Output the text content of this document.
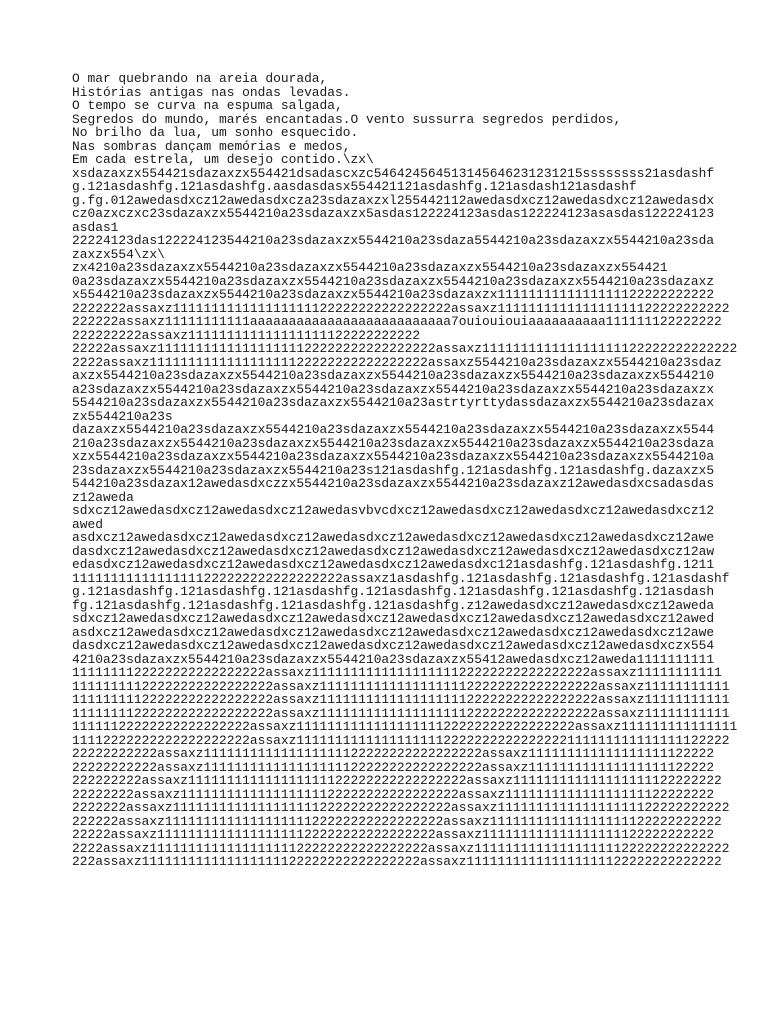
O mar quebrando na areia dourada,
Histórias antigas nas ondas levadas.
O tempo se curva na espuma salgada,
Segredos do mundo, marés encantadas.O vento sussurra segredos perdidos,
No brilho da lua, um sonho esquecido.
Nas sombras dançam memórias e medos,
Em cada estrela, um desejo contido.\zx\
xsdazaxzx554421sdazaxzx554421dsadascxzc546424564513145646231231215ssssssss21asdashf
g.121asdashfg.121asdashfg.aasdasdasx554421121asdashfg.121asdash121asdashf
g.fg.012awedasdxcz12awedasdxcza23sdazaxzxl255442112awedasdxcz12awedasdxcz12awedasdx
cz0azxczxc23sdazaxzx5544210a23sdazaxzx5asdas122224123asdas122224123asasdas122224123
asdas1
22224123das122224123544210a23sdazaxzx5544210a23sdaza5544210a23sdazaxzx5544210a23sda
zaxzx554\zx\
zx4210a23sdazaxzx5544210a23sdazaxzx5544210a23sdazaxzx5544210a23sdazaxzx554421
0a23sdazaxzx5544210a23sdazaxzx5544210a23sdazaxzx5544210a23sdazaxzx5544210a23sdazaxz
x5544210a23sdazaxzx5544210a23sdazaxzx5544210a23sdazaxzx1111111111111111122222222222
2222222assaxz111111111111111111122222222222222222assaxz111111111111111111122222222222
222222assaxz11111111111aaaaaaaaaaaaaaaaaaaaaaaaaa7ouiouiouiaaaaaaaaaa111111122222222
222222222assaxz111111111111111111122222222222
22222assaxz111111111111111111122222222222222222assaxz111111111111111111122222222222222
2222assaxz111111111111111111122222222222222222assaxz5544210a23sdazaxzx5544210a23sdaz
axzx5544210a23sdazaxzx5544210a23sdazaxzx5544210a23sdazaxzx5544210a23sdazaxzx5544210
a23sdazaxzx5544210a23sdazaxzx5544210a23sdazaxzx5544210a23sdazaxzx5544210a23sdazaxzx
5544210a23sdazaxzx5544210a23sdazaxzx5544210a23astrtyrttydassdazaxzx5544210a23sdazax
zx5544210a23s
dazaxzx5544210a23sdazaxzx5544210a23sdazaxzx5544210a23sdazaxzx5544210a23sdazaxzx5544
210a23sdazaxzx5544210a23sdazaxzx5544210a23sdazaxzx5544210a23sdazaxzx5544210a23sdaza
xzx5544210a23sdazaxzx5544210a23sdazaxzx5544210a23sdazaxzx5544210a23sdazaxzx5544210a
23sdazaxzx5544210a23sdazaxzx5544210a23s121asdashfg.121asdashfg.121asdashfg.dazaxzx5
544210a23sdazax12awedasdxczzx5544210a23sdazaxzx5544210a23sdazaxz12awedasdxcsadasdas
z12aweda
sdxcz12awedasdxcz12awedasdxcz12awedasvbvcdxcz12awedasdxcz12awedasdxcz12awedasdxcz12
awed
asdxcz12awedasdxcz12awedasdxcz12awedasdxcz12awedasdxcz12awedasdxcz12awedasdxcz12awe
dasdxcz12awedasdxcz12awedasdxcz12awedasdxcz12awedasdxcz12awedasdxcz12awedasdxcz12aw
edasdxcz12awedasdxcz12awedasdxcz12awedasdxcz12awedasdxc121asdashfg.121asdashfg.1211
11111111111111111222222222222222222assaxz1asdashfg.121asdashfg.121asdashfg.121asdashf
g.121asdashfg.121asdashfg.121asdashfg.121asdashfg.121asdashfg.121asdashfg.121asdash
fg.121asdashfg.121asdashfg.121asdashfg.121asdashfg.z12awedasdxcz12awedasdxcz12aweda
sdxcz12awedasdxcz12awedasdxcz12awedasdxcz12awedasdxcz12awedasdxcz12awedasdxcz12awed
asdxcz12awedasdxcz12awedasdxcz12awedasdxcz12awedasdxcz12awedasdxcz12awedasdxcz12awe
dasdxcz12awedasdxcz12awedasdxcz12awedasdxcz12awedasdxcz12awedasdxcz12awedasdxczx554
4210a23sdazaxzx5544210a23sdazaxzx5544210a23sdazaxzx55412awedasdxcz12aweda1111111111
1111111122222222222222222assaxz111111111111111111122222222222222222assaxz11111111111
11111111122222222222222222assaxz111111111111111111122222222222222222assaxz11111111111
11111111122222222222222222assaxz111111111111111111122222222222222222assaxz11111111111
11111111222222222222222222assaxz111111111111111111122222222222222222assaxz11111111111
11111122222222222222222assaxz111111111111111111122222222222222222assaxz111111111111111
11112222222222222222222assaxz11111111111111111112222222222222222111111111111111122222
22222222222assaxz111111111111111111122222222222222222assaxz111111111111111111122222
22222222222assaxz111111111111111111122222222222222222assaxz111111111111111111122222
222222222assaxz111111111111111111122222222222222222assaxz111111111111111111122222222
22222222assaxz111111111111111111122222222222222222assaxz111111111111111111122222222
2222222assaxz111111111111111111122222222222222222assaxz111111111111111111122222222222
222222assaxz111111111111111111122222222222222222assaxz111111111111111111122222222222
22222assaxz111111111111111111122222222222222222assaxz111111111111111111122222222222
2222assaxz111111111111111111122222222222222222assaxz111111111111111111122222222222222
222assaxz111111111111111111122222222222222222assaxz111111111111111111122222222222222
